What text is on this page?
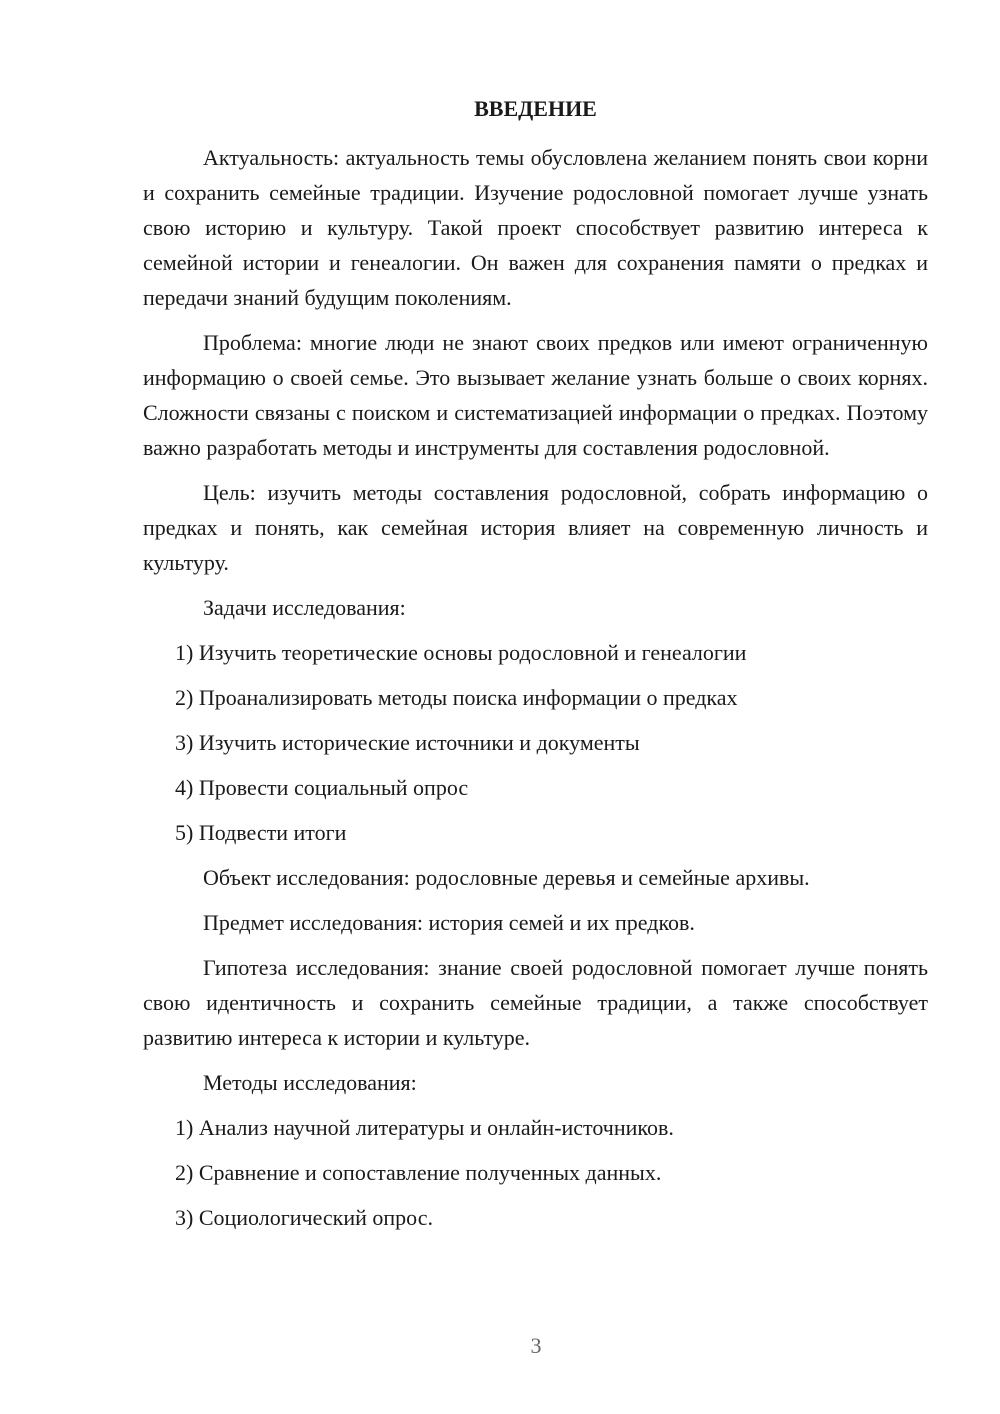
ВВЕДЕНИЕ

Актуальность: актуальность темы обусловлена желанием понять свои корни и сохранить семейные традиции. Изучение родословной помогает лучше узнать свою историю и культуру. Такой проект способствует развитию интереса к семейной истории и генеалогии. Он важен для сохранения памяти о предках и передачи знаний будущим поколениям.

Проблема: многие люди не знают своих предков или имеют ограниченную информацию о своей семье. Это вызывает желание узнать больше о своих корнях. Сложности связаны с поиском и систематизацией информации о предках. Поэтому важно разработать методы и инструменты для составления родословной.

Цель: изучить методы составления родословной, собрать информацию о предках и понять, как семейная история влияет на современную личность и культуру.

Задачи исследования:

1) Изучить теоретические основы родословной и генеалогии

2) Проанализировать методы поиска информации о предках

3) Изучить исторические источники и документы

4) Провести социальный опрос

5) Подвести итоги

Объект исследования: родословные деревья и семейные архивы.

Предмет исследования: история семей и их предков.

Гипотеза исследования: знание своей родословной помогает лучше понять свою идентичность и сохранить семейные традиции, а также способствует развитию интереса к истории и культуре.

Методы исследования:

1) Анализ научной литературы и онлайн-источников.

2) Сравнение и сопоставление полученных данных.

3) Социологический опрос.

3
